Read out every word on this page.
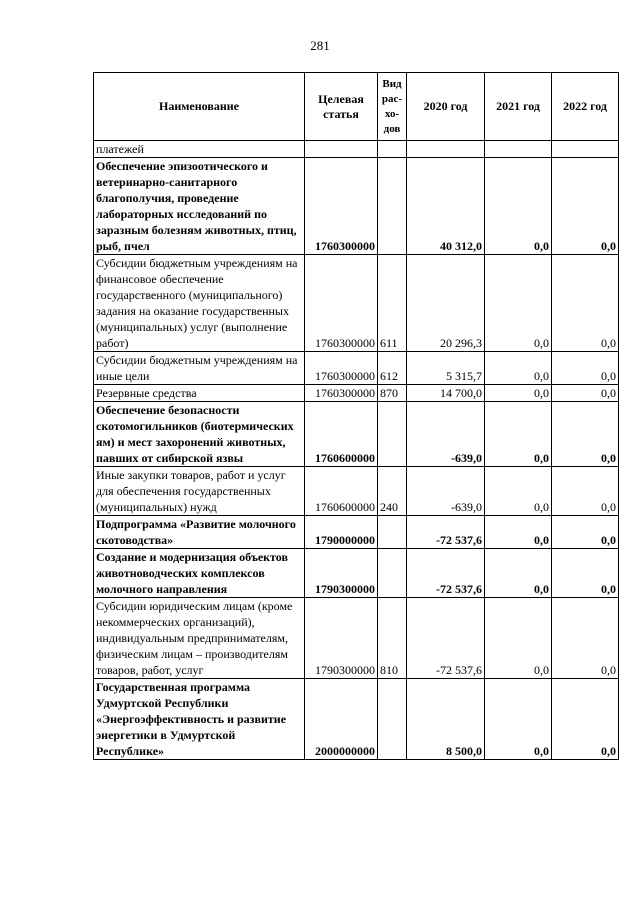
281
Наименование	Целевая статья	Вид рас-хо-дов	2020 год	2021 год	2022 год
платежей					
Обеспечение эпизоотического и ветеринарно-санитарного благополучия, проведение лабораторных исследований по заразным болезням животных, птиц, рыб, пчел	1760300000		40 312,0	0,0	0,0
Субсидии бюджетным учреждениям на финансовое обеспечение государственного (муниципального) задания на оказание государственных (муниципальных) услуг (выполнение работ)	1760300000	611	20 296,3	0,0	0,0
Субсидии бюджетным учреждениям на иные цели	1760300000	612	5 315,7	0,0	0,0
Резервные средства	1760300000	870	14 700,0	0,0	0,0
Обеспечение безопасности скотомогильников (биотермических ям) и мест захоронений животных, павших от сибирской язвы	1760600000		-639,0	0,0	0,0
Иные закупки товаров, работ и услуг для обеспечения государственных (муниципальных) нужд	1760600000	240	-639,0	0,0	0,0
Подпрограмма «Развитие молочного скотоводства»	1790000000		-72 537,6	0,0	0,0
Создание и модернизация объектов животноводческих комплексов молочного направления	1790300000		-72 537,6	0,0	0,0
Субсидии юридическим лицам (кроме некоммерческих организаций), индивидуальным предпринимателям, физическим лицам – производителям товаров, работ, услуг	1790300000	810	-72 537,6	0,0	0,0
Государственная программа Удмуртской Республики «Энергоэффективность и развитие энергетики в Удмуртской Республике»	2000000000		8 500,0	0,0	0,0
